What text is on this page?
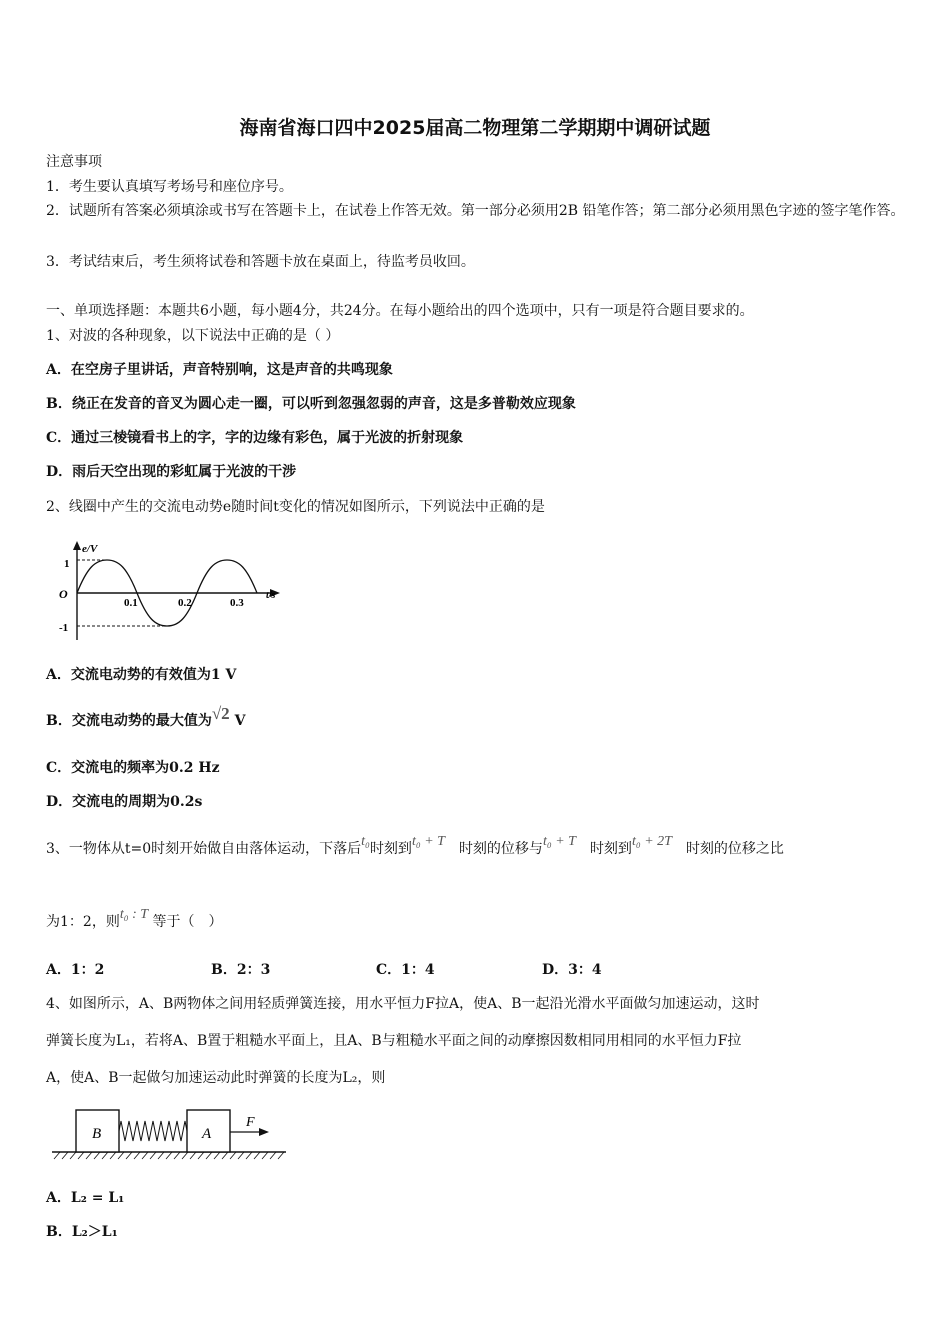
海南省海口四中2025届高二物理第二学期期中调研试题
注意事项
1．考生要认真填写考场号和座位序号。
2．试题所有答案必须填涂或书写在答题卡上，在试卷上作答无效。第一部分必须用2B 铅笔作答；第二部分必须用黑色字迹的签字笔作答。
3．考试结束后，考生须将试卷和答题卡放在桌面上，待监考员收回。
一、单项选择题：本题共6小题，每小题4分，共24分。在每小题给出的四个选项中，只有一项是符合题目要求的。
1、对波的各种现象，以下说法中正确的是（ ）
A．在空房子里讲话，声音特别响，这是声音的共鸣现象
B．绕正在发音的音叉为圆心走一圈，可以听到忽强忽弱的声音，这是多普勒效应现象
C．通过三棱镜看书上的字，字的边缘有彩色，属于光波的折射现象
D．雨后天空出现的彩虹属于光波的干涉
2、线圈中产生的交流电动势e随时间t变化的情况如图所示，下列说法中正确的是
e/V
1
-1
O
0.1	0.2	0.3
t/s
A．交流电动势的有效值为1 V
B．交流电动势的最大值为√2 V
C．交流电的频率为0.2 Hz
D．交流电的周期为0.2s
3、一物体从t=0时刻开始做自由落体运动，下落后t₀时刻到t₀ + T　 时刻的位移与t₀ + T　 时刻到t₀ + 2T　 时刻的位移之比
为1：2，则t₀ : T 等于（　）
A．1：2	B．2：3	C．1：4	D．3：4
4、如图所示，A、B两物体之间用轻质弹簧连接，用水平恒力F拉A，使A、B一起沿光滑水平面做匀加速运动，这时
弹簧长度为L₁，若将A、B置于粗糙水平面上，且A、B与粗糙水平面之间的动摩擦因数相同用相同的水平恒力F拉
A，使A、B一起做匀加速运动此时弹簧的长度为L₂，则
B	A
F
A．L₂ = L₁
B．L₂＞L₁
